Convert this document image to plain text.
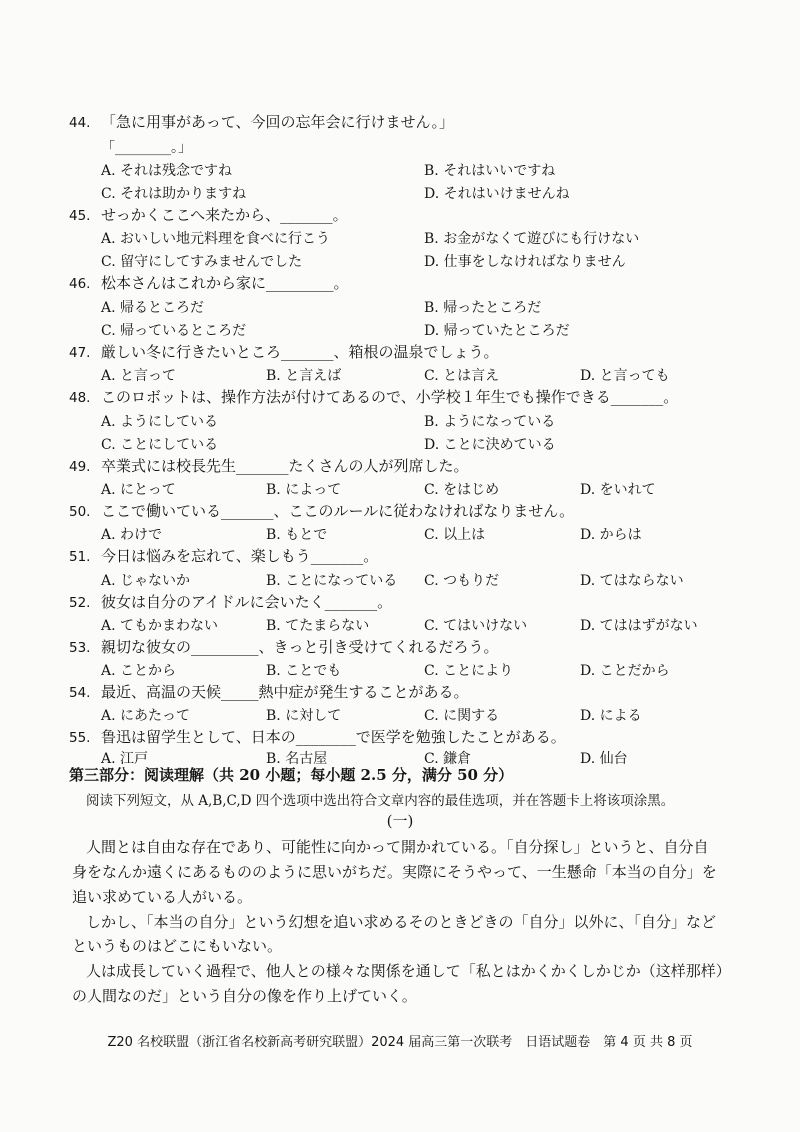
44. 「急に用事があって、今回の忘年会に行けません。」
「________。」
A. それは残念ですね	B. それはいいですね
C. それは助かりますね	D. それはいけませんね
45. せっかくここへ来たから、_______。
A. おいしい地元料理を食べに行こう	B. お金がなくて遊びにも行けない
C. 留守にしてすみませんでした	D. 仕事をしなければなりません
46. 松本さんはこれから家に_________。
A. 帰るところだ	B. 帰ったところだ
C. 帰っているところだ	D. 帰っていたところだ
47. 厳しい冬に行きたいところ_______、箱根の温泉でしょう。
A. と言って	B. と言えば	C. とは言え	D. と言っても
48. このロボットは、操作方法が付けてあるので、小学校１年生でも操作できる_______。
A. ようにしている	B. ようになっている
C. ことにしている	D. ことに決めている
49. 卒業式には校長先生_______たくさんの人が列席した。
A. にとって	B. によって	C. をはじめ	D. をいれて
50. ここで働いている_______、ここのルールに従わなければなりません。
A. わけで	B. もとで	C. 以上は	D. からは
51. 今日は悩みを忘れて、楽しもう_______。
A. じゃないか	B. ことになっている C. つもりだ	D. てはならない
52. 彼女は自分のアイドルに会いたく_______。
A. てもかまわない	B. てたまらない	C. てはいけない	D. てははずがない
53. 親切な彼女の_________、きっと引き受けてくれるだろう。
A. ことから	B. ことでも	C. ことにより	D. ことだから
54. 最近、高温の天候_____熱中症が発生することがある。
A. にあたって	B. に対して	C. に関する	D. による
55. 鲁迅は留学生として、日本の________で医学を勉強したことがある。
A. 江戸	B. 名古屋	C. 鎌倉	D. 仙台
第三部分：阅读理解（共 20 小题；每小题 2.5 分，满分 50 分）
阅读下列短文，从 A,B,C,D 四个选项中选出符合文章内容的最佳选项，并在答题卡上将该项涂黑。
(一)
人間とは自由な存在であり、可能性に向かって開かれている。「自分探し」というと、自分自
身をなんか遠くにあるもののように思いがちだ。実際にそうやって、一生懸命「本当の自分」を
追い求めている人がいる。
しかし、「本当の自分」という幻想を追い求めるそのときどきの「自分」以外に、「自分」など
というものはどこにもいない。
人は成長していく過程で、他人との様々な関係を通して「私とはかくかくしかじか（这样那样）
の人間なのだ」という自分の像を作り上げていく。
Z20 名校联盟（浙江省名校新高考研究联盟）2024 届高三第一次联考　日语试题卷　第 4 页 共 8 页
